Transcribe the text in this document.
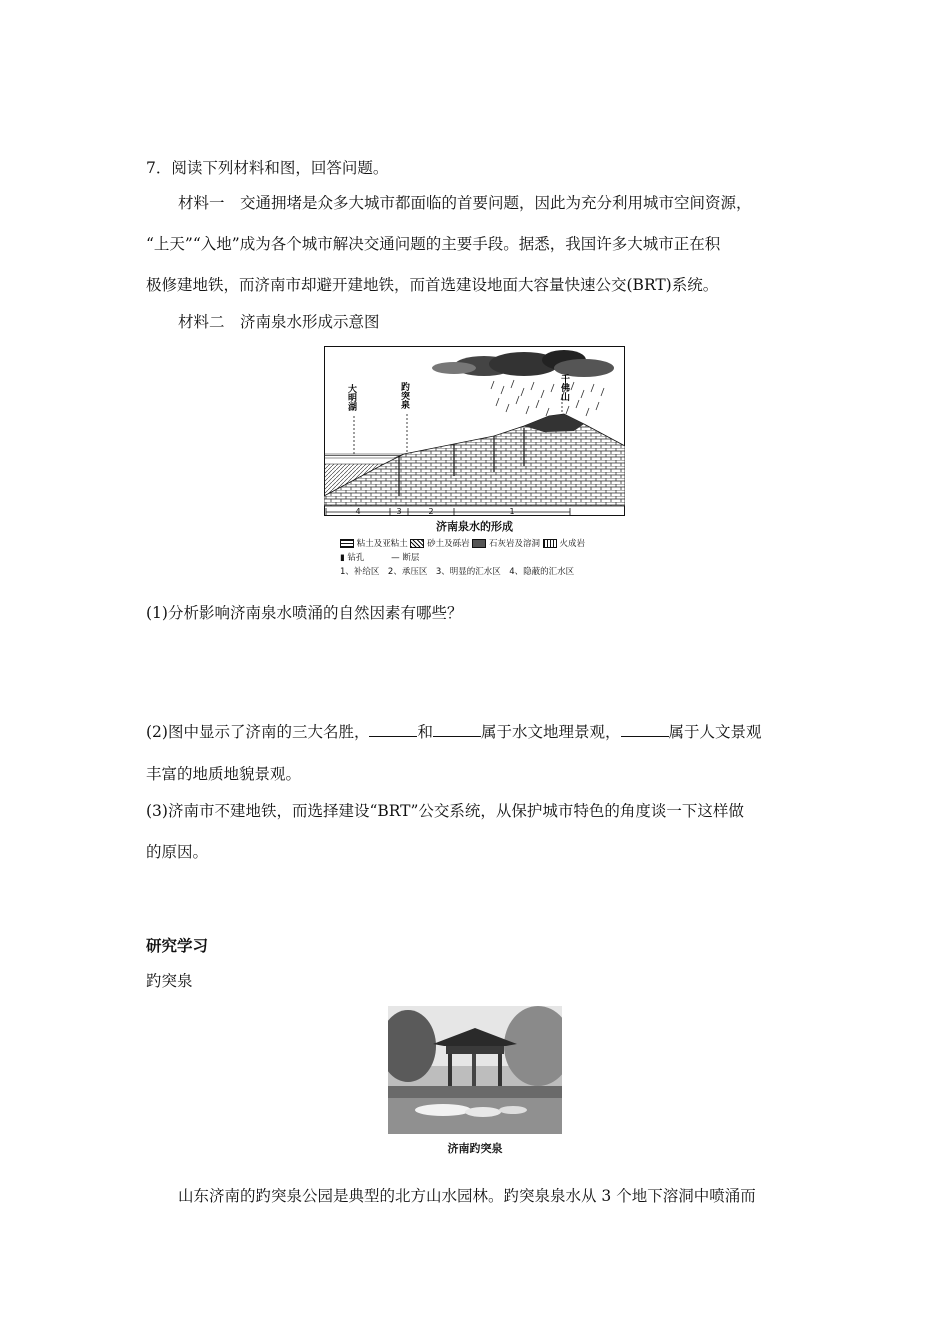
7．阅读下列材料和图，回答问题。
材料一　交通拥堵是众多大城市都面临的首要问题，因此为充分利用城市空间资源，
“上天”“入地”成为各个城市解决交通问题的主要手段。据悉，我国许多大城市正在积
极修建地铁，而济南市却避开建地铁，而首选建设地面大容量快速公交(BRT)系统。
材料二　济南泉水形成示意图
大明湖	趵突泉	千佛山
4	3	2	1
济南泉水的形成
粘土及亚粘土 砂土及砾岩 石灰岩及溶洞 火成岩
▮ 钻孔	— 断层
1、补给区　2、承压区　3、明显的汇水区　4、隐蔽的汇水区
(1)分析影响济南泉水喷涌的自然因素有哪些？
(2)图中显示了济南的三大名胜，	和	属于水文地理景观，	属于人文景观
丰富的地质地貌景观。
(3)济南市不建地铁，而选择建设“BRT”公交系统，从保护城市特色的角度谈一下这样做
的原因。
研究学习
趵突泉
济南趵突泉
山东济南的趵突泉公园是典型的北方山水园林。趵突泉泉水从 3 个地下溶洞中喷涌而
